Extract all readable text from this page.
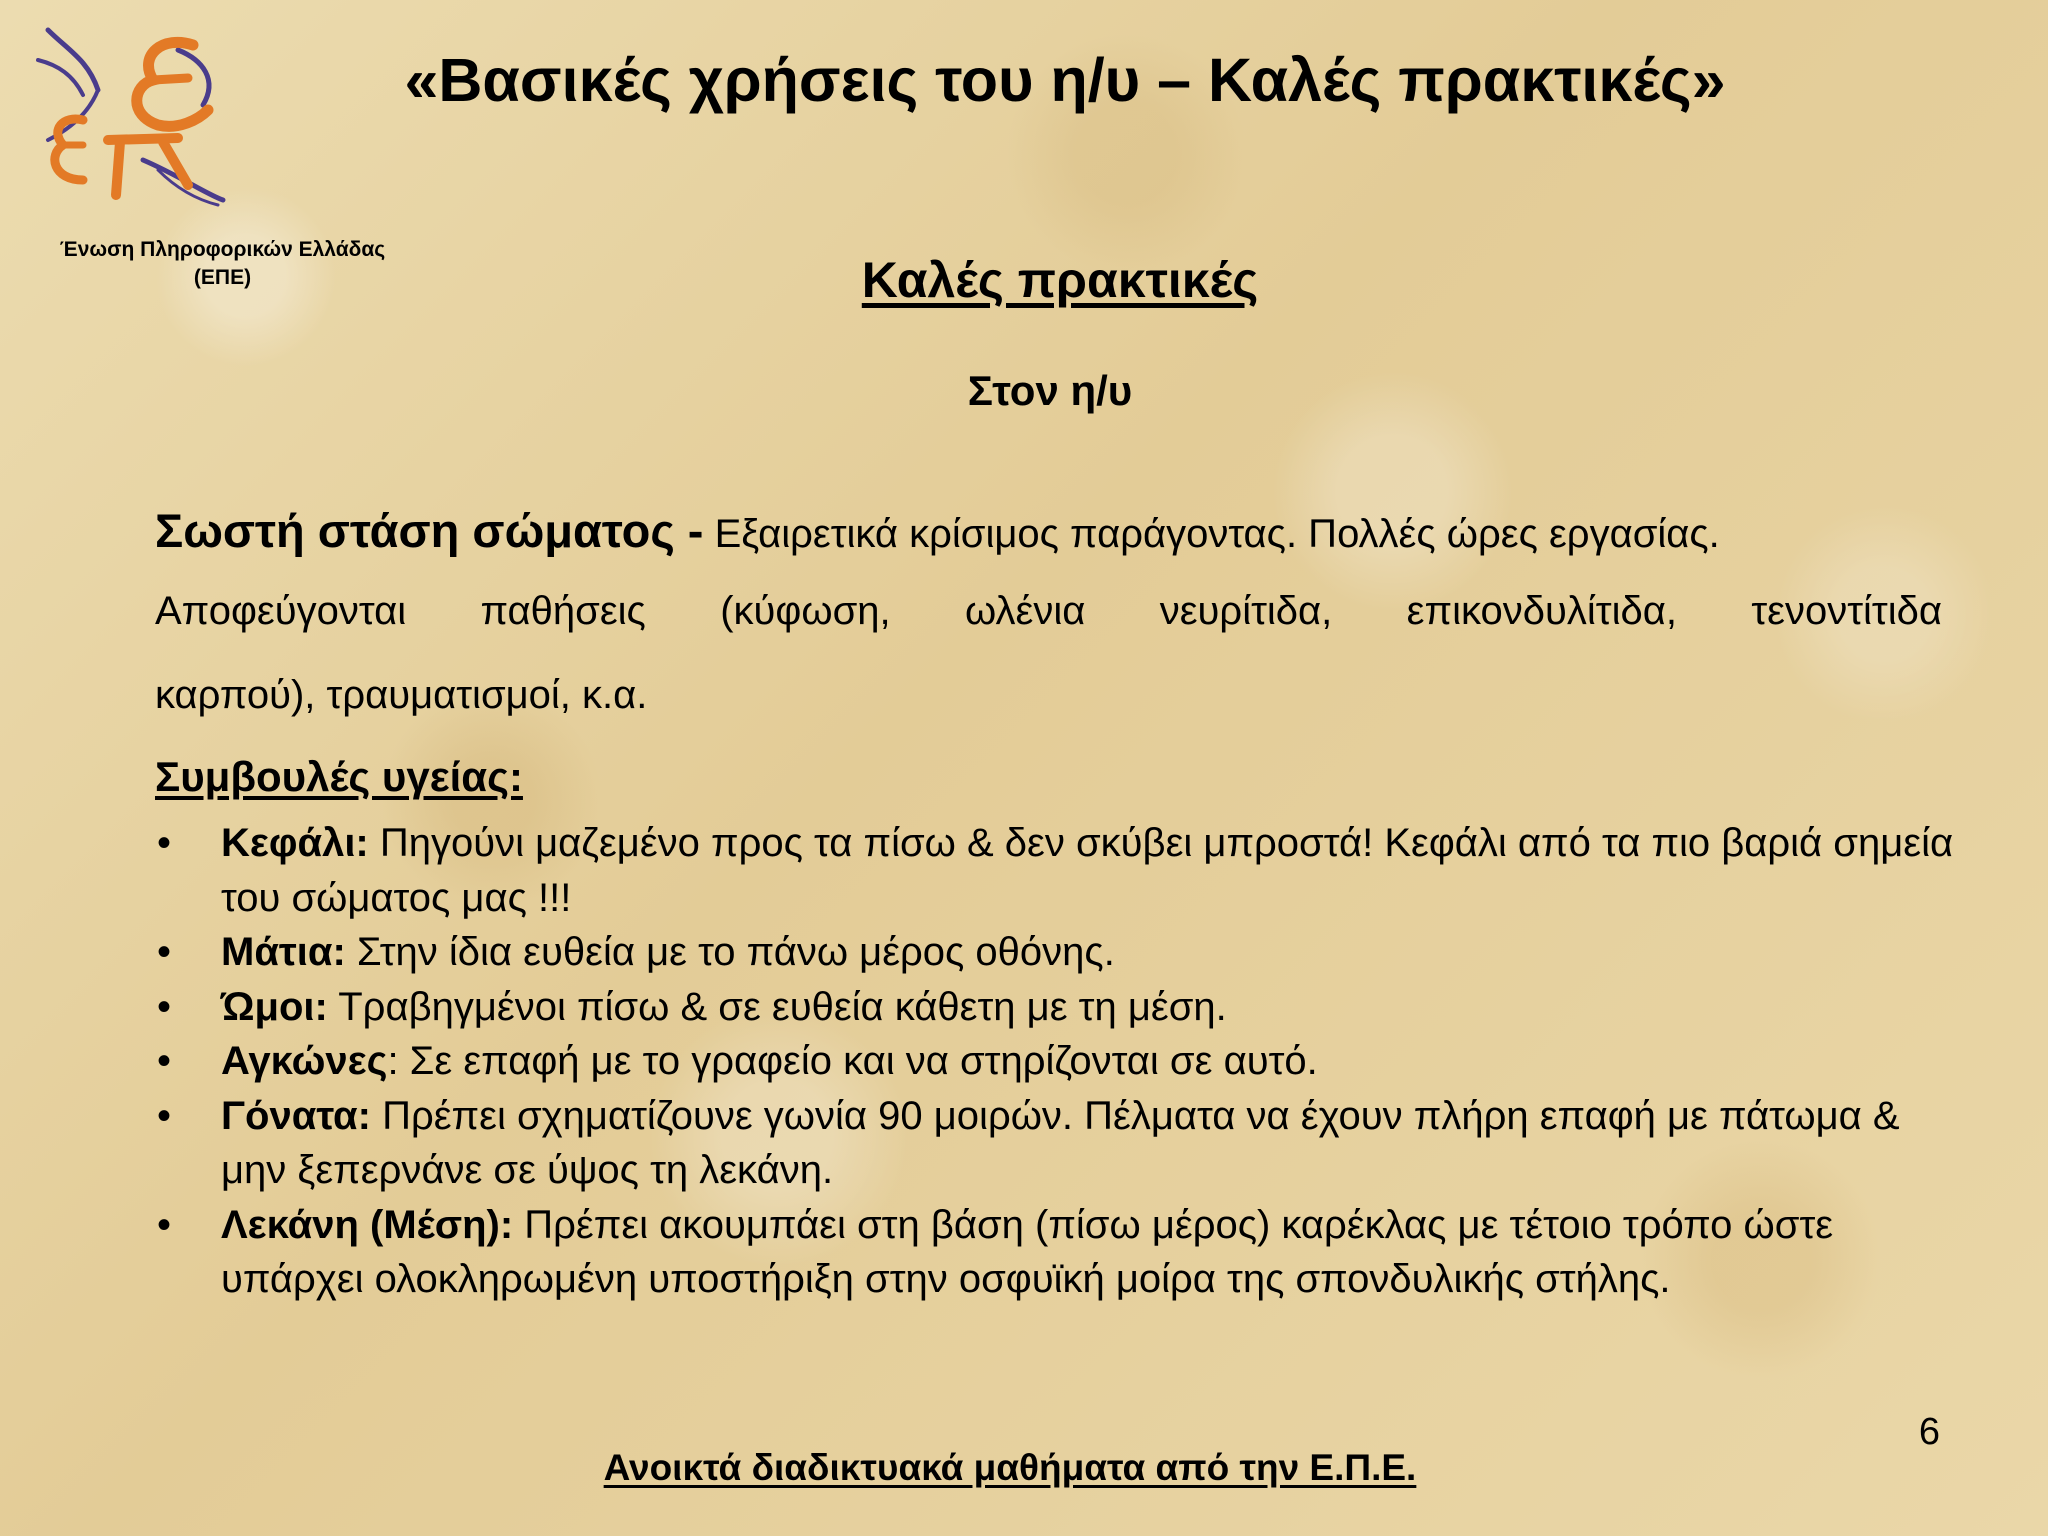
Ένωση Πληροφορικών Ελλάδας
(ΕΠΕ)
«Βασικές χρήσεις του η/υ – Καλές πρακτικές»
Καλές πρακτικές
Στον η/υ

Σωστή στάση σώματος - Εξαιρετικά κρίσιμος παράγοντας. Πολλές ώρες εργασίας.
Αποφεύγονται παθήσεις (κύφωση, ωλένια νευρίτιδα, επικονδυλίτιδα, τενοντίτιδα
καρπού), τραυματισμοί, κ.α.

Συμβουλές υγείας:
• Κεφάλι: Πηγούνι μαζεμένο προς τα πίσω & δεν σκύβει μπροστά! Κεφάλι από τα πιο βαριά σημεία του σώματος μας !!!
• Μάτια: Στην ίδια ευθεία με το πάνω μέρος οθόνης.
• Ώμοι: Τραβηγμένοι πίσω & σε ευθεία κάθετη με τη μέση.
• Αγκώνες: Σε επαφή με το γραφείο και να στηρίζονται σε αυτό.
• Γόνατα: Πρέπει σχηματίζουνε γωνία 90 μοιρών. Πέλματα να έχουν πλήρη επαφή με πάτωμα & μην ξεπερνάνε σε ύψος τη λεκάνη.
• Λεκάνη (Μέση): Πρέπει ακουμπάει στη βάση (πίσω μέρος) καρέκλας με τέτοιο τρόπο ώστε υπάρχει ολοκληρωμένη υποστήριξη στην οσφυϊκή μοίρα της σπονδυλικής στήλης.
6

Ανοικτά διαδικτυακά μαθήματα από την Ε.Π.Ε.
